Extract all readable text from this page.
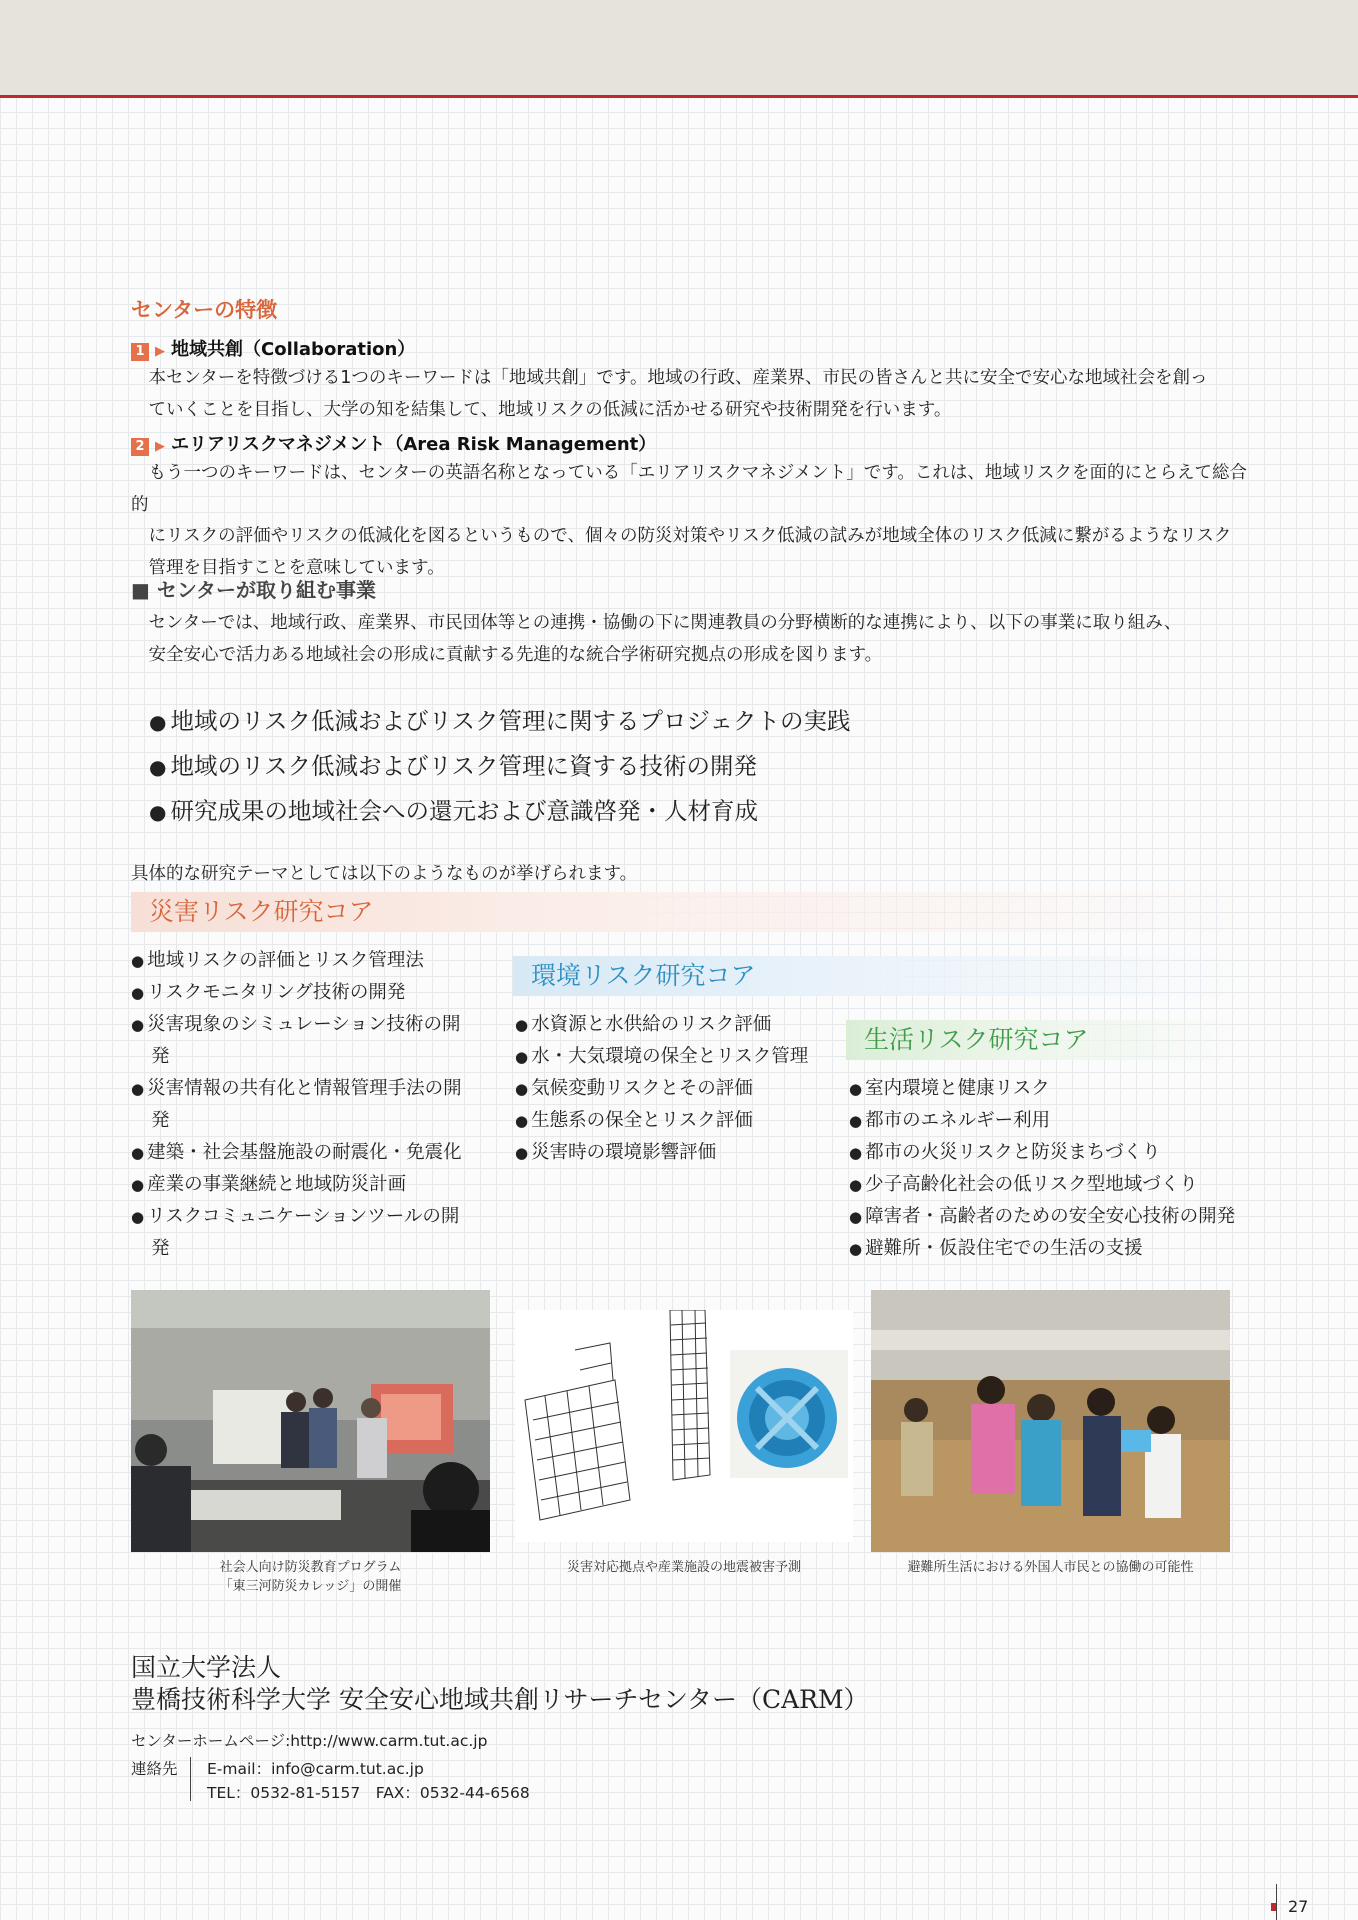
センターの特徴
1 ▶ 地域共創（Collaboration）
本センターを特徴づける1つのキーワードは「地域共創」です。地域の行政、産業界、市民の皆さんと共に安全で安心な地域社会を創っ
ていくことを目指し、大学の知を結集して、地域リスクの低減に活かせる研究や技術開発を行います。
2 ▶ エリアリスクマネジメント（Area Risk Management）
もう一つのキーワードは、センターの英語名称となっている「エリアリスクマネジメント」です。これは、地域リスクを面的にとらえて総合的
にリスクの評価やリスクの低減化を図るというもので、個々の防災対策やリスク低減の試みが地域全体のリスク低減に繋がるようなリスク
管理を目指すことを意味しています。
■ センターが取り組む事業
センターでは、地域行政、産業界、市民団体等との連携・協働の下に関連教員の分野横断的な連携により、以下の事業に取り組み、
安全安心で活力ある地域社会の形成に貢献する先進的な統合学術研究拠点の形成を図ります。
● 地域のリスク低減およびリスク管理に関するプロジェクトの実践
● 地域のリスク低減およびリスク管理に資する技術の開発
● 研究成果の地域社会への還元および意識啓発・人材育成
具体的な研究テーマとしては以下のようなものが挙げられます。
災害リスク研究コア
● 地域リスクの評価とリスク管理法
● リスクモニタリング技術の開発
● 災害現象のシミュレーション技術の開発
● 災害情報の共有化と情報管理手法の開発
● 建築・社会基盤施設の耐震化・免震化
● 産業の事業継続と地域防災計画
● リスクコミュニケーションツールの開発
環境リスク研究コア
● 水資源と水供給のリスク評価
● 水・大気環境の保全とリスク管理
● 気候変動リスクとその評価
● 生態系の保全とリスク評価
● 災害時の環境影響評価
生活リスク研究コア
● 室内環境と健康リスク
● 都市のエネルギー利用
● 都市の火災リスクと防災まちづくり
● 少子高齢化社会の低リスク型地域づくり
● 障害者・高齢者のための安全安心技術の開発
● 避難所・仮設住宅での生活の支援
社会人向け防災教育プログラム
「東三河防災カレッジ」の開催
災害対応拠点や産業施設の地震被害予測	避難所生活における外国人市民との協働の可能性
国立大学法人
豊橋技術科学大学 安全安心地域共創リサーチセンター（CARM）
センターホームページ:http://www.carm.tut.ac.jp
連絡先 E-mail：info@carm.tut.ac.jp
TEL：0532-81-5157　FAX：0532-44-6568
27
